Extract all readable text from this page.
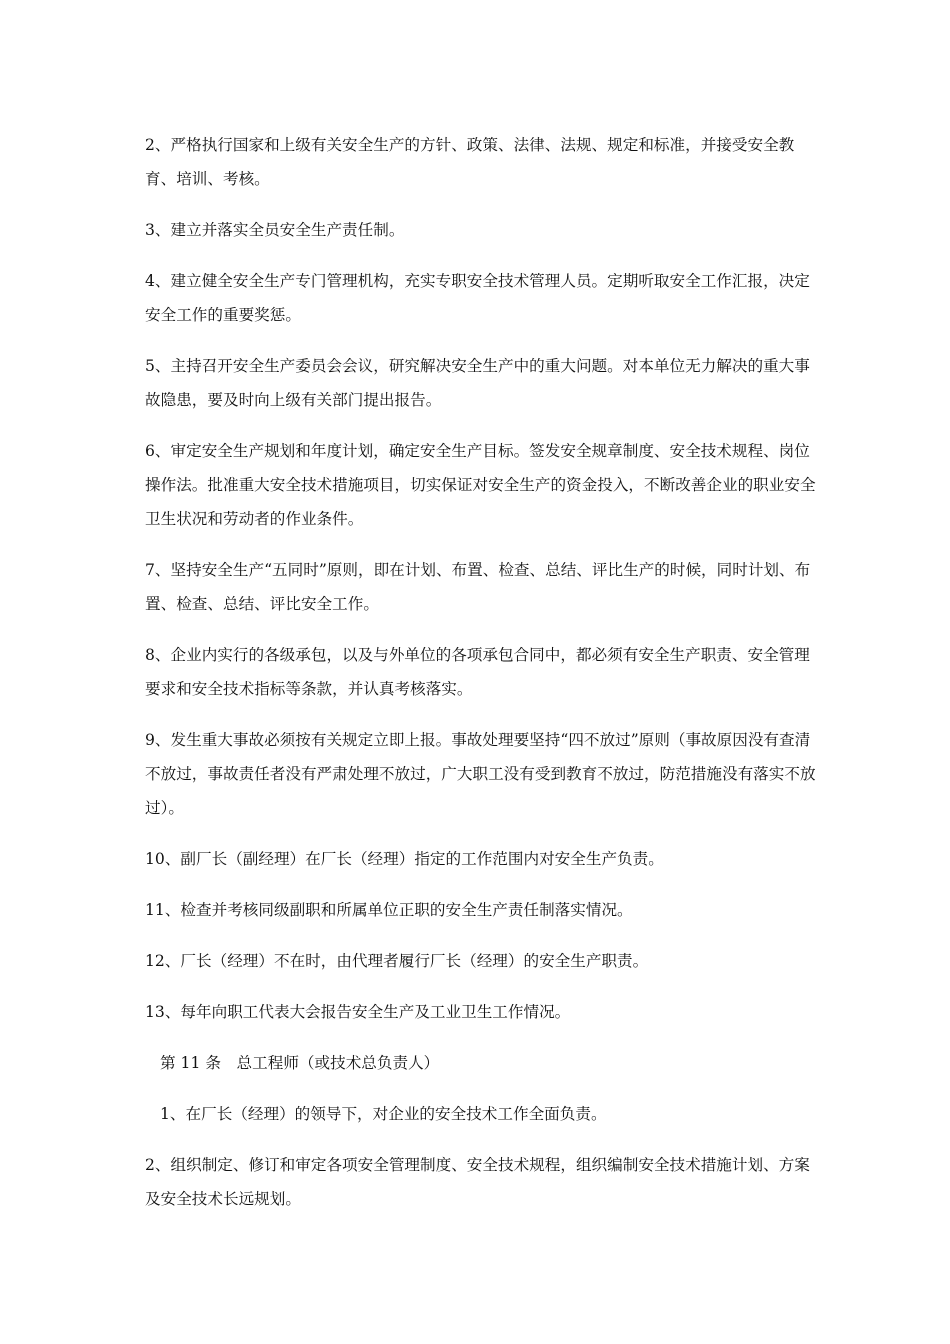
2、严格执行国家和上级有关安全生产的方针、政策、法律、法规、规定和标准，并接受安全教育、培训、考核。

3、建立并落实全员安全生产责任制。

4、建立健全安全生产专门管理机构，充实专职安全技术管理人员。定期听取安全工作汇报，决定安全工作的重要奖惩。

5、主持召开安全生产委员会会议，研究解决安全生产中的重大问题。对本单位无力解决的重大事故隐患，要及时向上级有关部门提出报告。

6、审定安全生产规划和年度计划，确定安全生产目标。签发安全规章制度、安全技术规程、岗位操作法。批准重大安全技术措施项目，切实保证对安全生产的资金投入，不断改善企业的职业安全卫生状况和劳动者的作业条件。

7、坚持安全生产“五同时”原则，即在计划、布置、检查、总结、评比生产的时候，同时计划、布置、检查、总结、评比安全工作。

8、企业内实行的各级承包，以及与外单位的各项承包合同中，都必须有安全生产职责、安全管理要求和安全技术指标等条款，并认真考核落实。

9、发生重大事故必须按有关规定立即上报。事故处理要坚持“四不放过”原则（事故原因没有查清不放过，事故责任者没有严肃处理不放过，广大职工没有受到教育不放过，防范措施没有落实不放过）。

10、副厂长（副经理）在厂长（经理）指定的工作范围内对安全生产负责。

11、检查并考核同级副职和所属单位正职的安全生产责任制落实情况。

12、厂长（经理）不在时，由代理者履行厂长（经理）的安全生产职责。

13、每年向职工代表大会报告安全生产及工业卫生工作情况。

第 11 条　总工程师（或技术总负责人）

1、在厂长（经理）的领导下，对企业的安全技术工作全面负责。

2、组织制定、修订和审定各项安全管理制度、安全技术规程，组织编制安全技术措施计划、方案及安全技术长远规划。
